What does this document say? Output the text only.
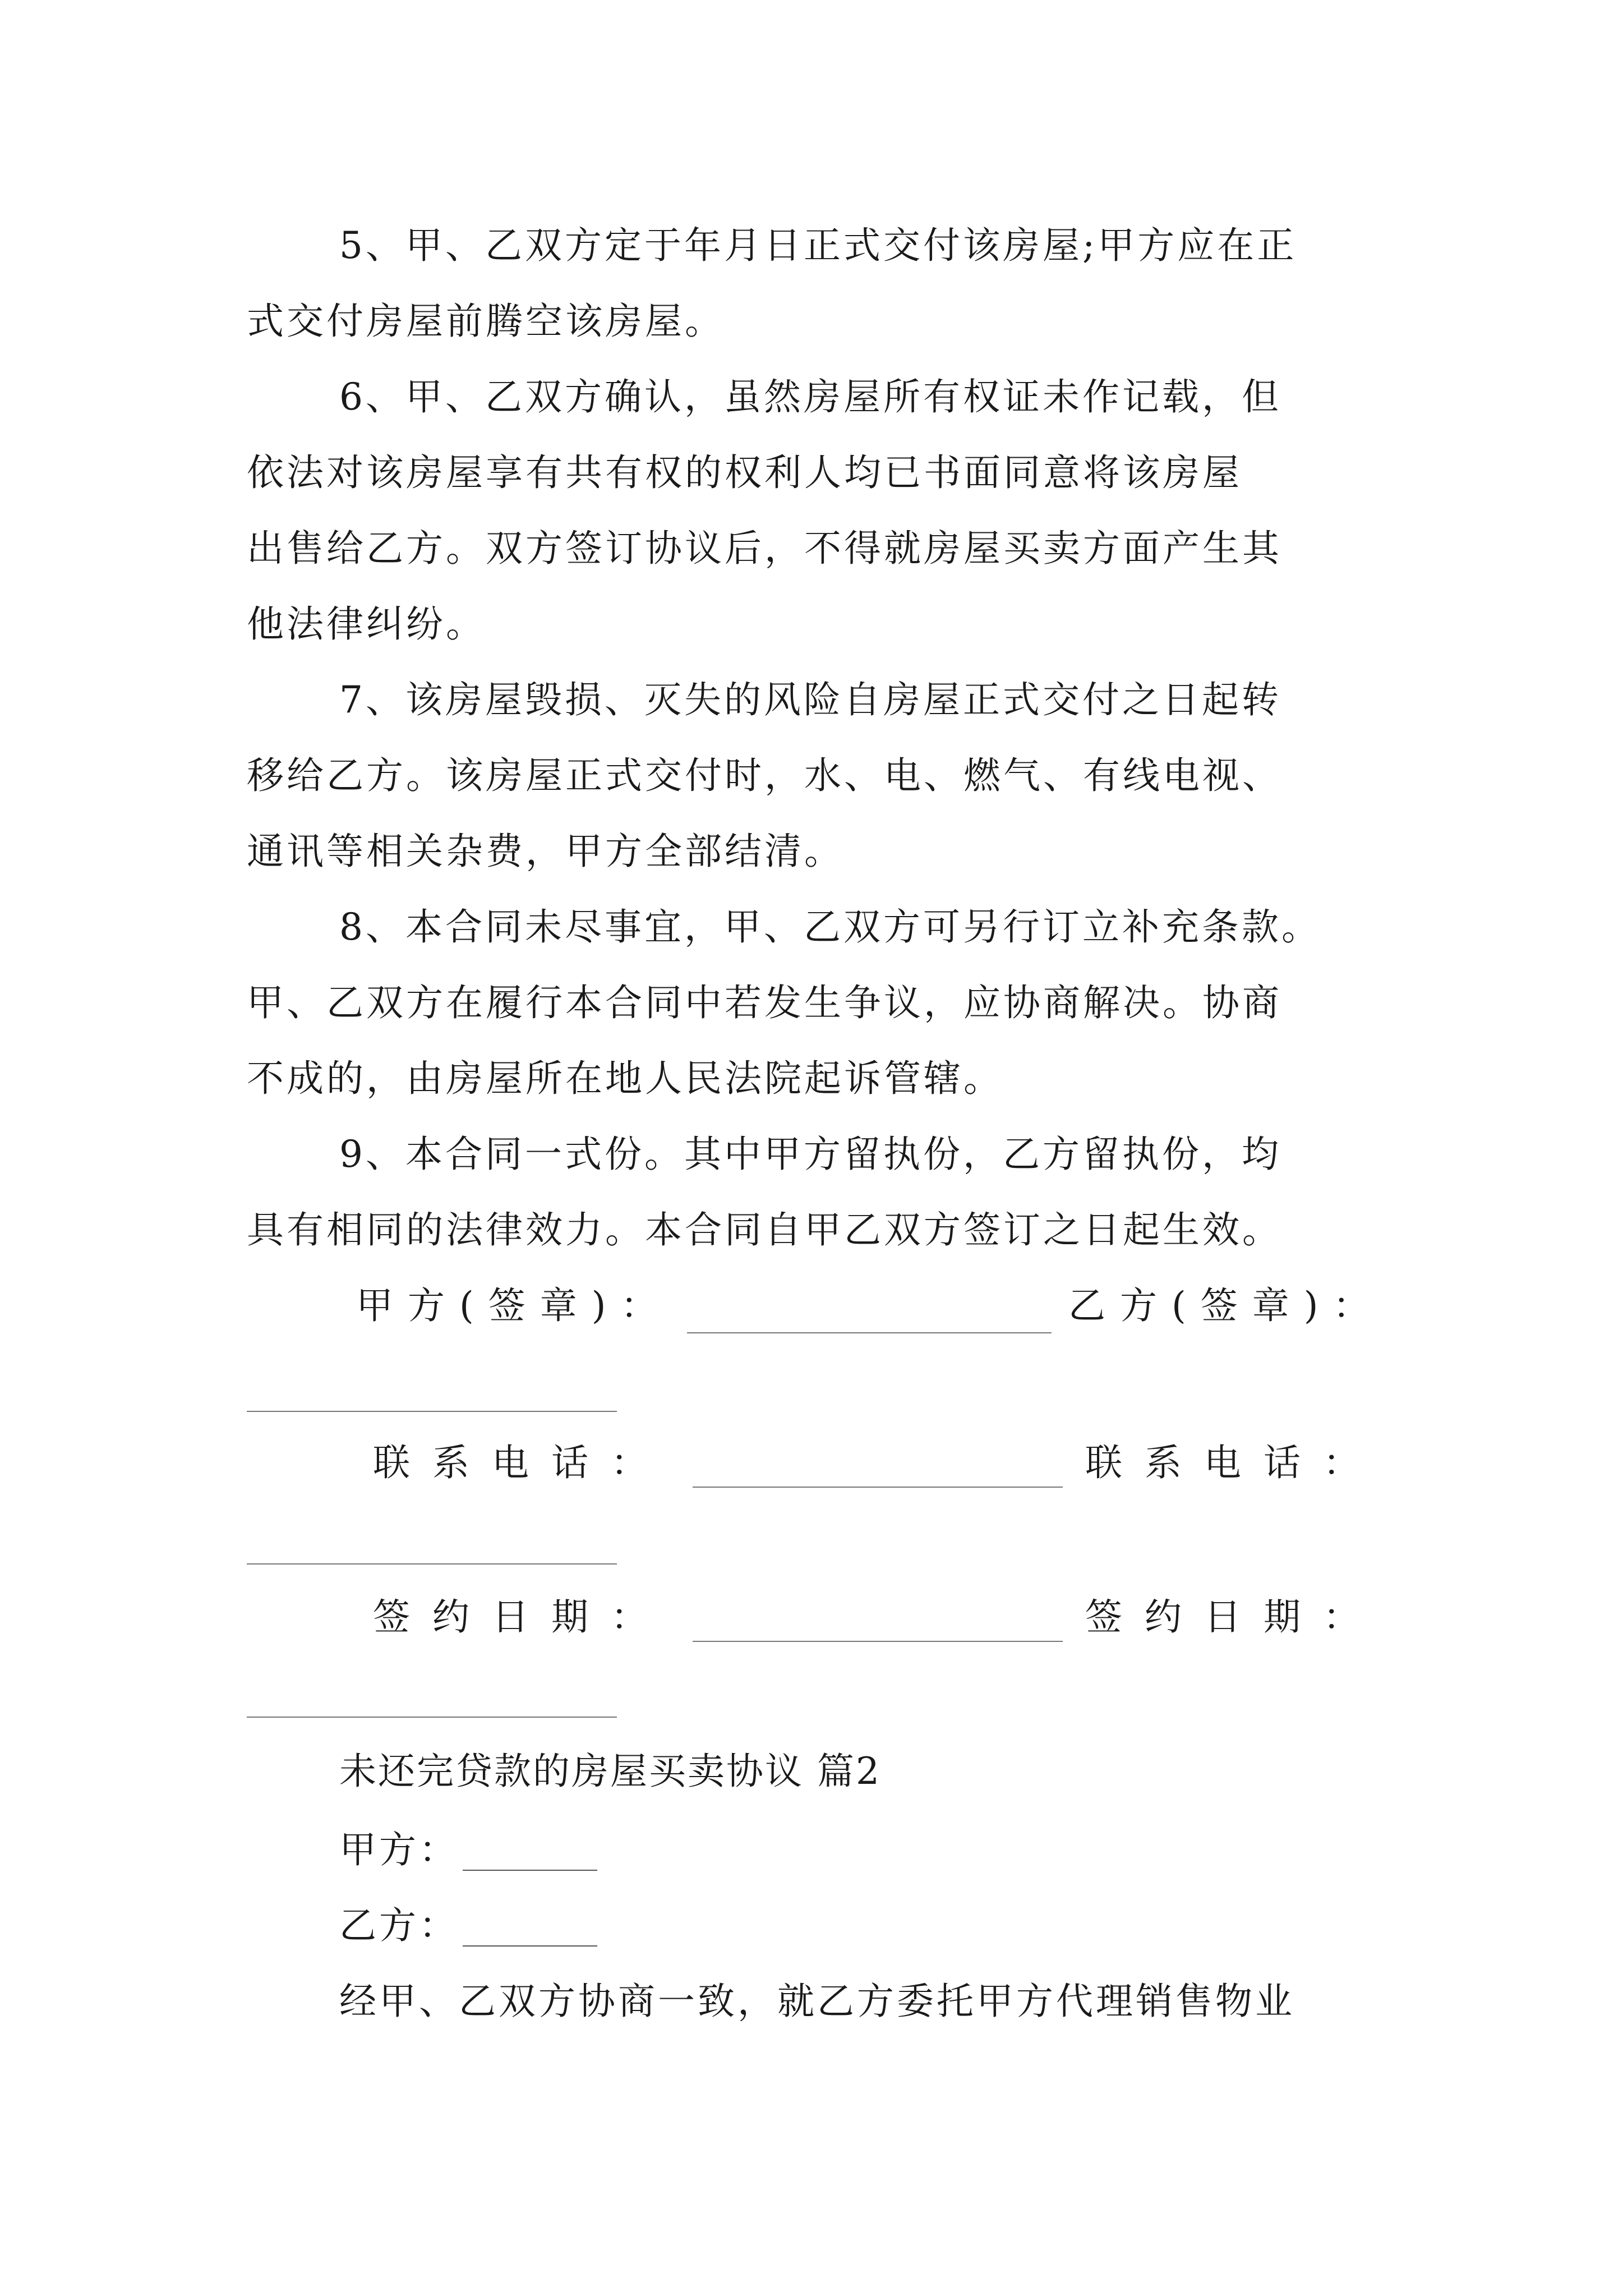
5、甲、乙双方定于年月日正式交付该房屋;甲方应在正
式交付房屋前腾空该房屋。
6、甲、乙双方确认，虽然房屋所有权证未作记载，但
依法对该房屋享有共有权的权利人均已书面同意将该房屋
出售给乙方。双方签订协议后，不得就房屋买卖方面产生其
他法律纠纷。
7、该房屋毁损、灭失的风险自房屋正式交付之日起转
移给乙方。该房屋正式交付时，水、电、燃气、有线电视、
通讯等相关杂费，甲方全部结清。
8、本合同未尽事宜，甲、乙双方可另行订立补充条款。
甲、乙双方在履行本合同中若发生争议，应协商解决。协商
不成的，由房屋所在地人民法院起诉管辖。
9、本合同一式份。其中甲方留执份，乙方留执份，均
具有相同的法律效力。本合同自甲乙双方签订之日起生效。
甲方(签章)：	乙方(签章)：
联系电话：	联系电话：
签约日期：	签约日期：
未还完贷款的房屋买卖协议 篇2
甲方：
乙方：
经甲、乙双方协商一致，就乙方委托甲方代理销售物业
